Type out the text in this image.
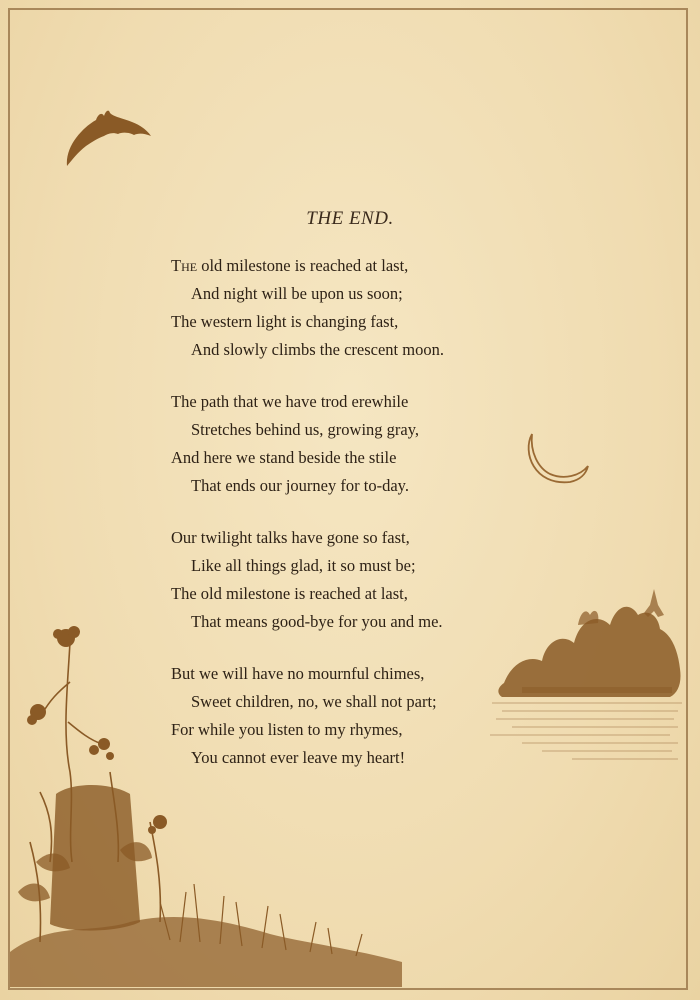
THE END.
The old milestone is reached at last,
And night will be upon us soon;
The western light is changing fast,
And slowly climbs the crescent moon.
The path that we have trod erewhile
Stretches behind us, growing gray,
And here we stand beside the stile
That ends our journey for to-day.
Our twilight talks have gone so fast,
Like all things glad, it so must be;
The old milestone is reached at last,
That means good-bye for you and me.
But we will have no mournful chimes,
Sweet children, no, we shall not part;
For while you listen to my rhymes,
You cannot ever leave my heart!
